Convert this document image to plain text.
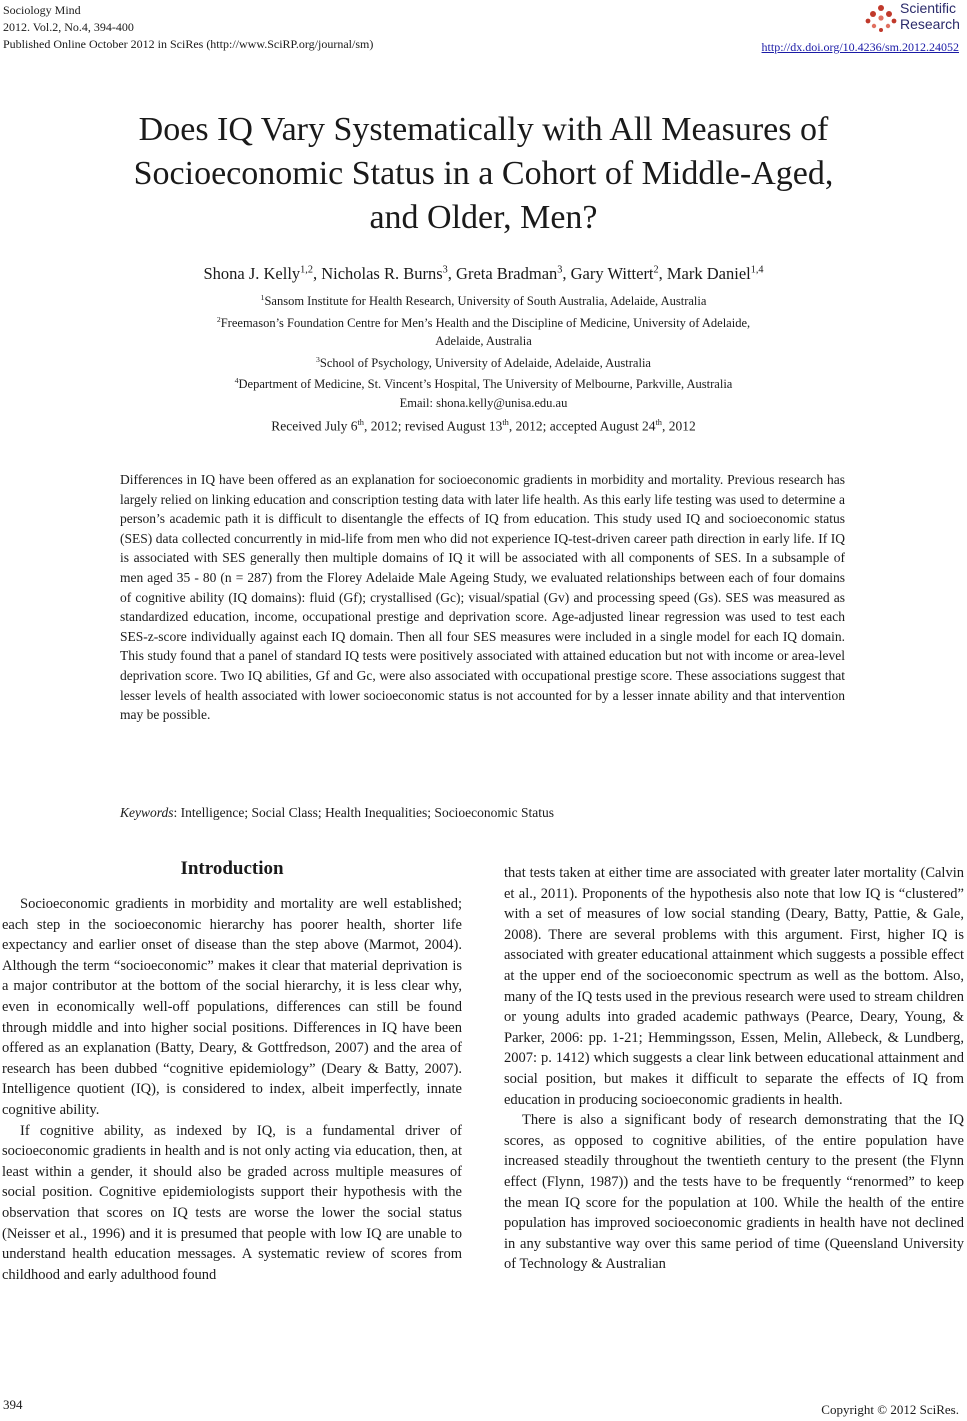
Sociology Mind
2012. Vol.2, No.4, 394-400
Published Online October 2012 in SciRes (http://www.SciRP.org/journal/sm)	http://dx.doi.org/10.4236/sm.2012.24052
Scientific
Research
Does IQ Vary Systematically with All Measures of
Socioeconomic Status in a Cohort of Middle-Aged,
and Older, Men?
Shona J. Kelly$^{1,2}$, Nicholas R. Burns$^3$, Greta Bradman$^3$, Gary Wittert$^2$, Mark Daniel$^{1,4}$
$^1$Sansom Institute for Health Research, University of South Australia, Adelaide, Australia
$^2$Freemason’s Foundation Centre for Men’s Health and the Discipline of Medicine, University of Adelaide,
Adelaide, Australia
$^3$School of Psychology, University of Adelaide, Adelaide, Australia
$^4$Department of Medicine, St. Vincent’s Hospital, The University of Melbourne, Parkville, Australia
Email: shona.kelly@unisa.edu.au
Received July 6th, 2012; revised August 13th, 2012; accepted August 24th, 2012

Differences in IQ have been offered as an explanation for socioeconomic gradients in morbidity and mortality. Previous research has largely relied on linking education and conscription testing data with later life health. As this early life testing was used to determine a person’s academic path it is difficult to disentangle the effects of IQ from education. This study used IQ and socioeconomic status (SES) data collected concurrently in mid-life from men who did not experience IQ-test-driven career path direction in early life. If IQ is associated with SES generally then multiple domains of IQ it will be associated with all components of SES. In a subsample of men aged 35 - 80 (n = 287) from the Florey Adelaide Male Ageing Study, we evaluated relationships between each of four domains of cognitive ability (IQ domains): fluid (Gf); crystallised (Gc); visual/spatial (Gv) and processing speed (Gs). SES was measured as standardized education, income, occupational prestige and deprivation score. Age-adjusted linear regression was used to test each SES-z-score individually against each IQ domain. Then all four SES measures were included in a single model for each IQ domain. This study found that a panel of standard IQ tests were positively associated with attained education but not with income or area-level deprivation score. Two IQ abilities, Gf and Gc, were also associated with occupational prestige score. These associations suggest that lesser levels of health associated with lower socioeconomic status is not accounted for by a lesser innate ability and that intervention may be possible.

Keywords: Intelligence; Social Class; Health Inequalities; Socioeconomic Status
Introduction

Socioeconomic gradients in morbidity and mortality are well established; each step in the socioeconomic hierarchy has poorer health, shorter life expectancy and earlier onset of disease than the step above (Marmot, 2004). Although the term “socioeconomic” makes it clear that material deprivation is a major contributor at the bottom of the social hierarchy, it is less clear why, even in economically well-off populations, differences can still be found through middle and into higher social positions. Differences in IQ have been offered as an explanation (Batty, Deary, & Gottfredson, 2007) and the area of research has been dubbed “cognitive epidemiology” (Deary & Batty, 2007). Intelligence quotient (IQ), is considered to index, albeit imperfectly, innate cognitive ability.

If cognitive ability, as indexed by IQ, is a fundamental driver of socioeconomic gradients in health and is not only acting via education, then, at least within a gender, it should also be graded across multiple measures of social position. Cognitive epidemiologists support their hypothesis with the observation that scores on IQ tests are worse the lower the social status (Neisser et al., 1996) and it is presumed that people with low IQ are unable to understand health education messages. A systematic review of scores from childhood and early adulthood found

that tests taken at either time are associated with greater later mortality (Calvin et al., 2011). Proponents of the hypothesis also note that low IQ is “clustered” with a set of measures of low social standing (Deary, Batty, Pattie, & Gale, 2008). There are several problems with this argument. First, higher IQ is associated with greater educational attainment which suggests a possible effect at the upper end of the socioeconomic spectrum as well as the bottom. Also, many of the IQ tests used in the previous research were used to stream children or young adults into graded academic pathways (Pearce, Deary, Young, & Parker, 2006: pp. 1-21; Hemmingsson, Essen, Melin, Allebeck, & Lundberg, 2007: p. 1412) which suggests a clear link between educational attainment and social position, but makes it difficult to separate the effects of IQ from education in producing socioeconomic gradients in health.

There is also a significant body of research demonstrating that the IQ scores, as opposed to cognitive abilities, of the entire population have increased steadily throughout the twentieth century to the present (the Flynn effect (Flynn, 1987)) and the tests have to be frequently “renormed” to keep the mean IQ score for the population at 100. While the health of the entire population has improved socioeconomic gradients in health have not declined in any substantive way over this same period of time (Queensland University of Technology & Australian

394	Copyright © 2012 SciRes.
